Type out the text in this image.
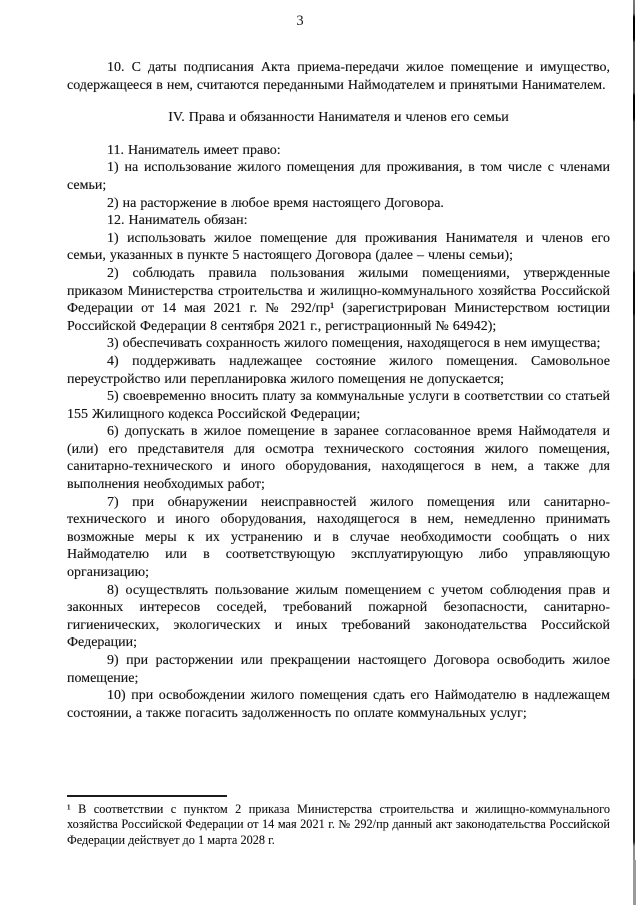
3

10. С даты подписания Акта приема-передачи жилое помещение и имущество, содержащееся в нем, считаются переданными Наймодателем и принятыми Нанимателем.

IV. Права и обязанности Нанимателя и членов его семьи

11. Наниматель имеет право:

1) на использование жилого помещения для проживания, в том числе с членами семьи;

2) на расторжение в любое время настоящего Договора.

12. Наниматель обязан:

1) использовать жилое помещение для проживания Нанимателя и членов его семьи, указанных в пункте 5 настоящего Договора (далее – члены семьи);

2) соблюдать правила пользования жилыми помещениями, утвержденные приказом Министерства строительства и жилищно-коммунального хозяйства Российской Федерации от 14 мая 2021 г. № 292/пр¹ (зарегистрирован Министерством юстиции Российской Федерации 8 сентября 2021 г., регистрационный № 64942);

3) обеспечивать сохранность жилого помещения, находящегося в нем имущества;

4) поддерживать надлежащее состояние жилого помещения. Самовольное переустройство или перепланировка жилого помещения не допускается;

5) своевременно вносить плату за коммунальные услуги в соответствии со статьей 155 Жилищного кодекса Российской Федерации;

6) допускать в жилое помещение в заранее согласованное время Наймодателя и (или) его представителя для осмотра технического состояния жилого помещения, санитарно-технического и иного оборудования, находящегося в нем, а также для выполнения необходимых работ;

7) при обнаружении неисправностей жилого помещения или санитарно-технического и иного оборудования, находящегося в нем, немедленно принимать возможные меры к их устранению и в случае необходимости сообщать о них Наймодателю или в соответствующую эксплуатирующую либо управляющую организацию;

8) осуществлять пользование жилым помещением с учетом соблюдения прав и законных интересов соседей, требований пожарной безопасности, санитарно-гигиенических, экологических и иных требований законодательства Российской Федерации;

9) при расторжении или прекращении настоящего Договора освободить жилое помещение;

10) при освобождении жилого помещения сдать его Наймодателю в надлежащем состоянии, а также погасить задолженность по оплате коммунальных услуг;

¹ В соответствии с пунктом 2 приказа Министерства строительства и жилищно-коммунального хозяйства Российской Федерации от 14 мая 2021 г. № 292/пр данный акт законодательства Российской Федерации действует до 1 марта 2028 г.
